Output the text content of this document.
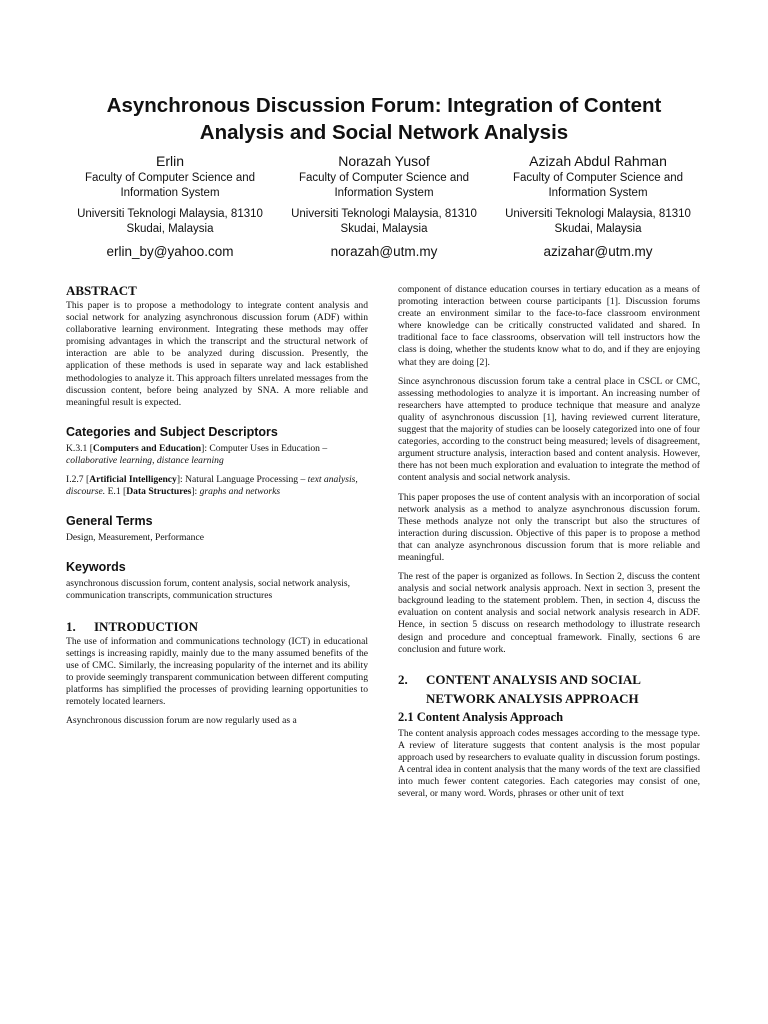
Asynchronous Discussion Forum: Integration of Content
Analysis and Social Network Analysis
Erlin
Faculty of Computer Science and
Information System
Universiti Teknologi Malaysia, 81310
Skudai, Malaysia
erlin_by@yahoo.com
Norazah Yusof
Faculty of Computer Science and
Information System
Universiti Teknologi Malaysia, 81310
Skudai, Malaysia
norazah@utm.my
Azizah Abdul Rahman
Faculty of Computer Science and
Information System
Universiti Teknologi Malaysia, 81310
Skudai, Malaysia
azizahar@utm.my
ABSTRACT

This paper is to propose a methodology to integrate content analysis and social network for analyzing asynchronous discussion forum (ADF) within collaborative learning environment. Integrating these methods may offer promising advantages in which the transcript and the structural network of interaction are able to be analyzed during discussion. Presently, the application of these methods is used in separate way and lack established methodologies to analyze it. This approach filters unrelated messages from the discussion content, before being analyzed by SNA. A more reliable and meaningful result is expected.

Categories and Subject Descriptors

K.3.1 [Computers and Education]: Computer Uses in Education – collaborative learning, distance learning

I.2.7 [Artificial Intelligency]: Natural Language Processing – text analysis, discourse. E.1 [Data Structures]: graphs and networks

General Terms

Design, Measurement, Performance

Keywords

asynchronous discussion forum, content analysis, social network analysis, communication transcripts, communication structures

1. INTRODUCTION

The use of information and communications technology (ICT) in educational settings is increasing rapidly, mainly due to the many assumed benefits of the use of CMC. Similarly, the increasing popularity of the internet and its ability to provide seemingly transparent communication between different computing platforms has simplified the processes of providing learning opportunities to remotely located learners.

Asynchronous discussion forum are now regularly used as a

component of distance education courses in tertiary education as a means of promoting interaction between course participants [1]. Discussion forums create an environment similar to the face-to-face classroom environment where knowledge can be critically constructed validated and shared. In traditional face to face classrooms, observation will tell instructors how the class is doing, whether the students know what to do, and if they are enjoying what they are doing [2].

Since asynchronous discussion forum take a central place in CSCL or CMC, assessing methodologies to analyze it is important. An increasing number of researchers have attempted to produce technique that measure and analyze quality of asynchronous discussion [1], having reviewed current literature, suggest that the majority of studies can be loosely categorized into one of four categories, according to the construct being measured; levels of disagreement, argument structure analysis, interaction based and content analysis. However, there has not been much exploration and evaluation to integrate the method of content analysis and social network analysis.

This paper proposes the use of content analysis with an incorporation of social network analysis as a method to analyze asynchronous discussion forum. These methods analyze not only the transcript but also the structures of interaction during discussion. Objective of this paper is to propose a method that can analyze asynchronous discussion forum that is more reliable and meaningful.

The rest of the paper is organized as follows. In Section 2, discuss the content analysis and social network analysis approach. Next in section 3, present the background leading to the statement problem. Then, in section 4, discuss the evaluation on content analysis and social network analysis research in ADF. Hence, in section 5 discuss on research methodology to illustrate research design and procedure and conceptual framework. Finally, sections 6 are conclusion and future work.

2. CONTENT ANALYSIS AND SOCIAL
NETWORK ANALYSIS APPROACH
2.1 Content Analysis Approach

The content analysis approach codes messages according to the message type. A review of literature suggests that content analysis is the most popular approach used by researchers to evaluate quality in discussion forum postings. A central idea in content analysis that the many words of the text are classified into much fewer content categories. Each categories may consist of one, several, or many word. Words, phrases or other unit of text
